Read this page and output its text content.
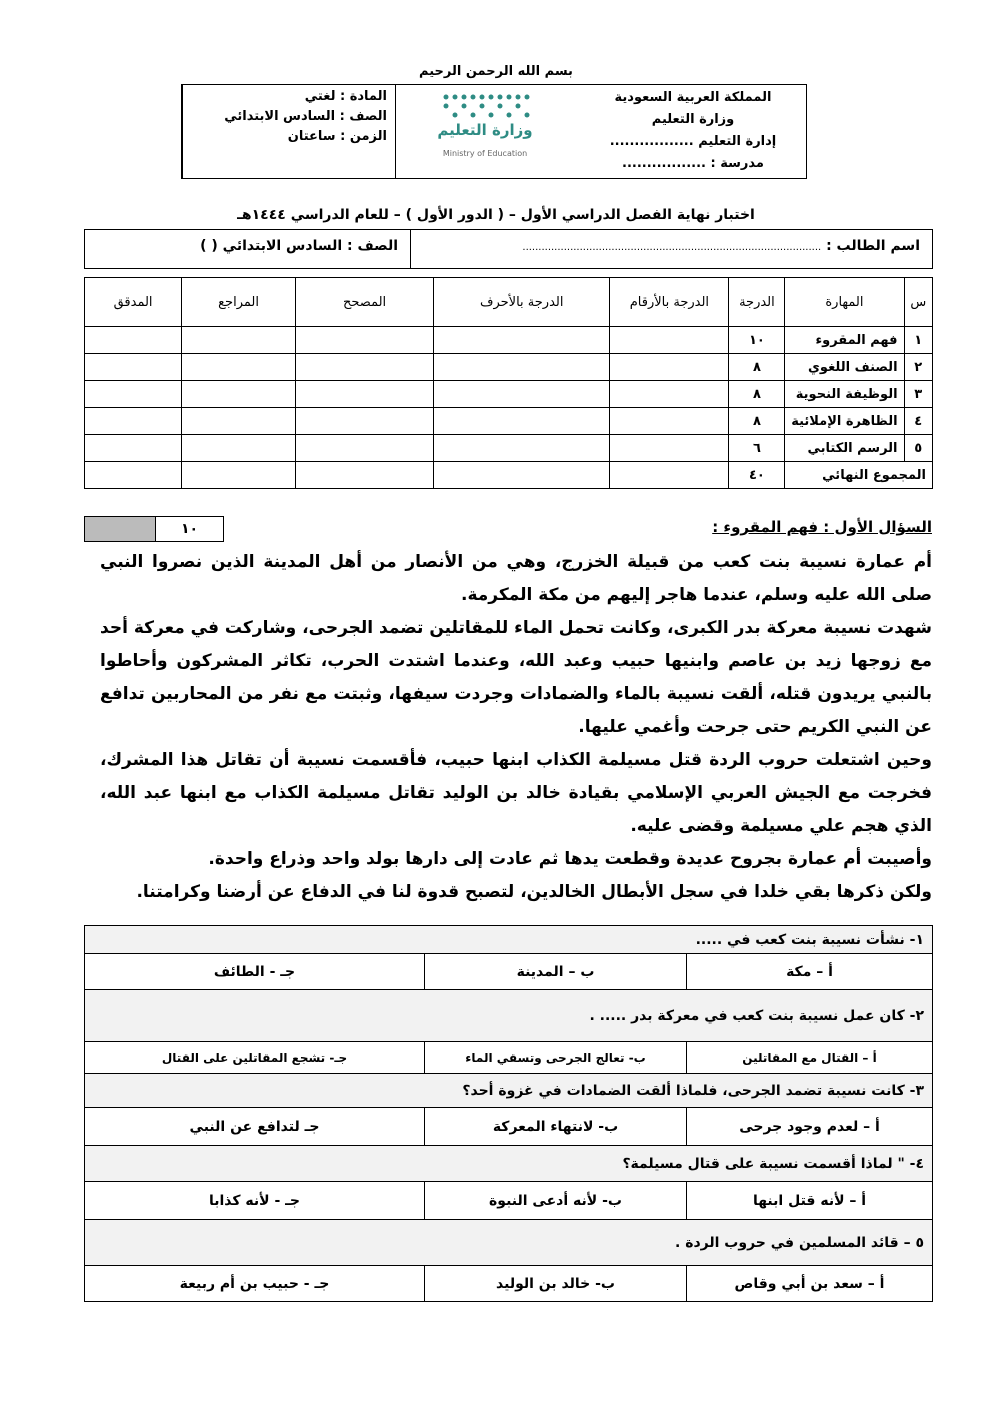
بسم الله الرحمن الرحيم
المملكة العربية السعودية
وزارة التعليم
إدارة التعليم .................
مدرسة : .................
وزارة التعليم
Ministry of Education
المادة : لغتي
الصف : السادس الابتدائي
الزمن : ساعتان
اختبار نهاية الفصل الدراسي الأول – ( الدور الأول ) – للعام الدراسي ١٤٤٤هـ
اسم الطالب : ..............................................................................................
الصف : السادس الابتدائي ( )
س	المهارة	الدرجة	الدرجة بالأرقام	الدرجة بالأحرف	المصحح	المراجع	المدقق
١	فهم المقروء	١٠					
٢	الصنف اللغوي	٨					
٣	الوظيفة النحوية	٨					
٤	الظاهرة الإملائية	٨					
٥	الرسم الكتابي	٦					
المجموع النهائي		٤٠					
السؤال الأول : فهم المقروء :
١٠

أم عمارة نسيبة بنت كعب من قبيلة الخزرج، وهي من الأنصار من أهل المدينة الذين نصروا النبي صلى الله عليه وسلم، عندما هاجر إليهم من مكة المكرمة.

شهدت نسيبة معركة بدر الكبرى، وكانت تحمل الماء للمقاتلين تضمد الجرحى، وشاركت في معركة أحد مع زوجها زيد بن عاصم وابنيها حبيب وعبد الله، وعندما اشتدت الحرب، تكاثر المشركون وأحاطوا بالنبي يريدون قتله، ألقت نسيبة بالماء والضمادات وجردت سيفها، وثبتت مع نفر من المحاربين تدافع عن النبي الكريم حتى جرحت وأغمي عليها.

وحين اشتعلت حروب الردة قتل مسيلمة الكذاب ابنها حبيب، فأقسمت نسيبة أن تقاتل هذا المشرك، فخرجت مع الجيش العربي الإسلامي بقيادة خالد بن الوليد تقاتل مسيلمة الكذاب مع ابنها عبد الله، الذي هجم علي مسيلمة وقضى عليه.

وأصيبت أم عمارة بجروح عديدة وقطعت يدها ثم عادت إلى دارها بولد واحد وذراع واحدة.

ولكن ذكرها بقي خلدا في سجل الأبطال الخالدين، لتصبح قدوة لنا في الدفاع عن أرضنا وكرامتنا.

١- نشأت نسيبة بنت كعب في .....		
أ – مكة	ب – المدينة	جـ - الطائف
٢- كان عمل نسيبة بنت كعب في معركة بدر ..... .		
أ – القتال مع المقاتلين	ب- تعالج الجرحى وتسقي الماء	جـ- تشجع المقاتلين على القتال
٣- كانت نسيبة تضمد الجرحى، فلماذا ألقت الضمادات في غزوة أحد؟		
أ – لعدم وجود جرحى	ب- لانتهاء المعركة	جـ لتدافع عن النبي
٤- " لماذا أقسمت نسيبة على قتال مسيلمة؟		
أ – لأنه قتل ابنها	ب- لأنه أدعى النبوة	جـ - لأنه كذابا
٥ – قائد المسلمين في حروب الردة .		
أ – سعد بن أبي وقاص	ب- خالد بن الوليد	جـ - حبيب بن أم ربيعة
